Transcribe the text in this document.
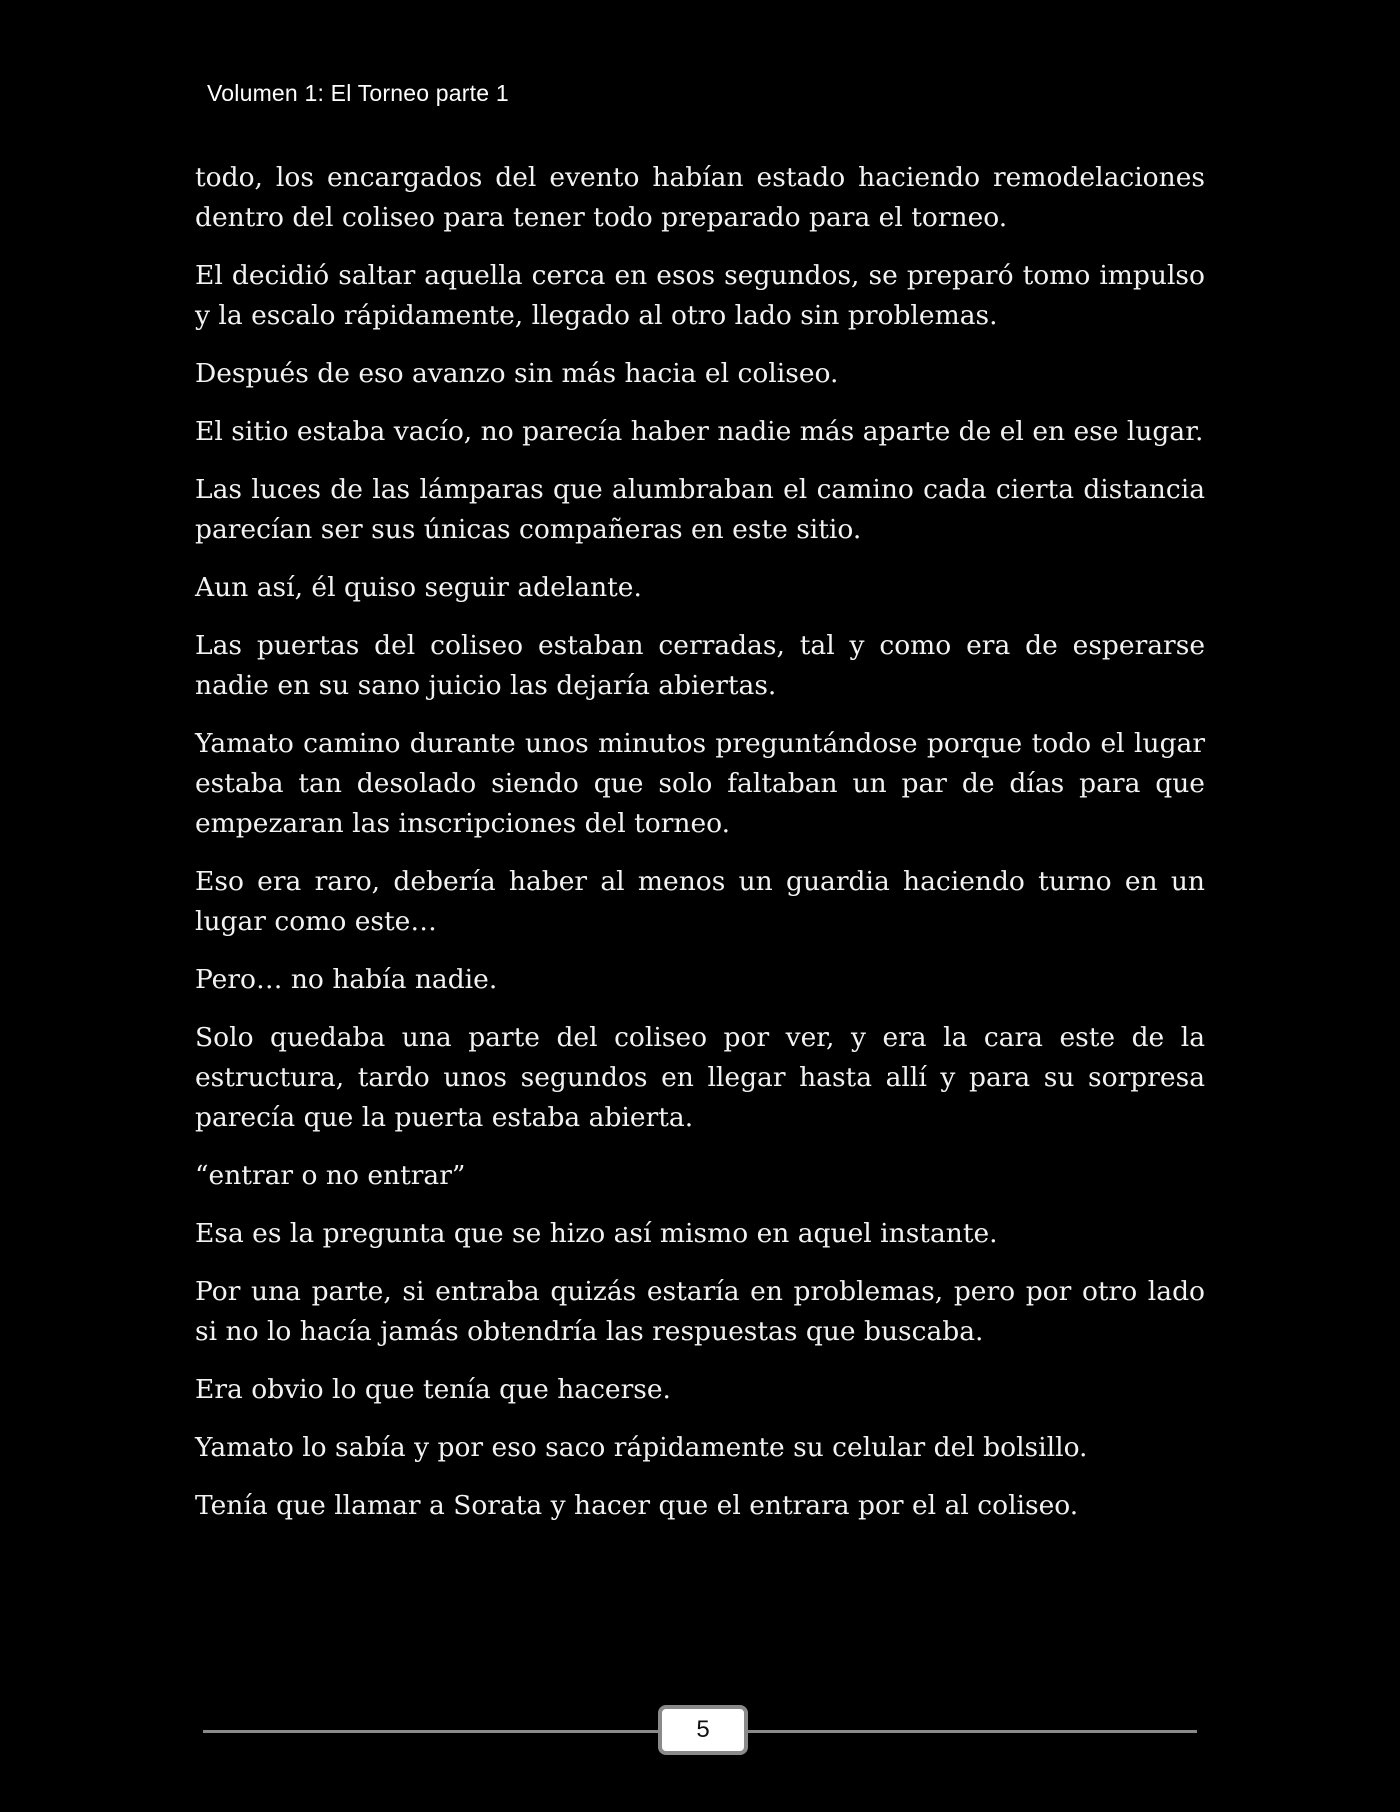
Volumen 1: El Torneo parte 1

todo, los encargados del evento habían estado haciendo remodelaciones dentro del coliseo para tener todo preparado para el torneo.

El decidió saltar aquella cerca en esos segundos, se preparó tomo impulso y la escalo rápidamente, llegado al otro lado sin problemas.

Después de eso avanzo sin más hacia el coliseo.

El sitio estaba vacío, no parecía haber nadie más aparte de el en ese lugar.

Las luces de las lámparas que alumbraban el camino cada cierta distancia parecían ser sus únicas compañeras en este sitio.

Aun así, él quiso seguir adelante.

Las puertas del coliseo estaban cerradas, tal y como era de esperarse nadie en su sano juicio las dejaría abiertas.

Yamato camino durante unos minutos preguntándose porque todo el lugar estaba tan desolado siendo que solo faltaban un par de días para que empezaran las inscripciones del torneo.

Eso era raro, debería haber al menos un guardia haciendo turno en un lugar como este…

Pero… no había nadie.

Solo quedaba una parte del coliseo por ver, y era la cara este de la estructura, tardo unos segundos en llegar hasta allí y para su sorpresa parecía que la puerta estaba abierta.

“entrar o no entrar”

Esa es la pregunta que se hizo así mismo en aquel instante.

Por una parte, si entraba quizás estaría en problemas, pero por otro lado si no lo hacía jamás obtendría las respuestas que buscaba.

Era obvio lo que tenía que hacerse.

Yamato lo sabía y por eso saco rápidamente su celular del bolsillo.

Tenía que llamar a Sorata y hacer que el entrara por el al coliseo.

5
